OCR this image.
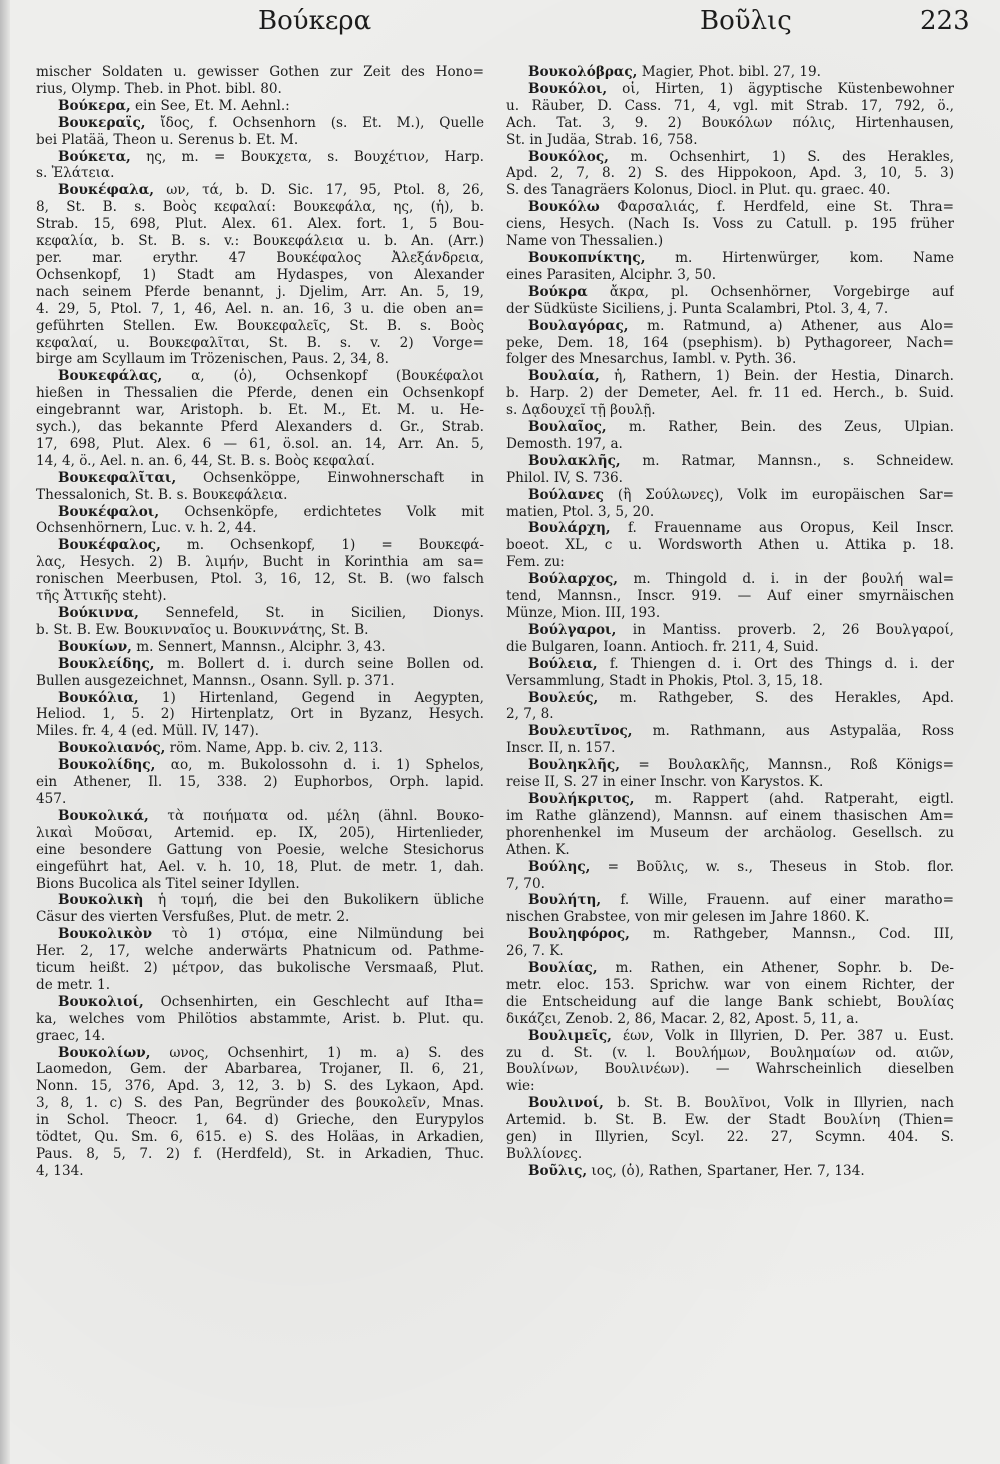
Βούκερα	Βοῦλις	223
mischer Soldaten u. gewisser Gothen zur Zeit des Hono=
rius, Olymp. Theb. in Phot. bibl. 80.
Βούκερα, ein See, Et. M. Aehnl.:
Βουκεραΐς, ἴδος, f. Ochsenhorn (s. Et. M.), Quelle
bei Platää, Theon u. Serenus b. Et. M.
Βούκετα, ης, m. = Βουκχετα, s. Βουχέτιον, Harp.
s. Ἐλάτεια.
Βουκέφαλα, ων, τά, b. D. Sic. 17, 95, Ptol. 8, 26,
8, St. B. s. Βοὸς κεφαλαί: Βουκεφάλα, ης, (ἡ), b.
Strab. 15, 698, Plut. Alex. 61. Alex. fort. 1, 5 Bou-
κεφαλία, b. St. B. s. v.: Βουκεφάλεια u. b. An. (Arr.)
per. mar. erythr. 47 Βουκέφαλος Ἀλεξάνδρεια,
Ochsenkopf, 1) Stadt am Hydaspes, von Alexander
nach seinem Pferde benannt, j. Djelim, Arr. An. 5, 19,
4. 29, 5, Ptol. 7, 1, 46, Ael. n. an. 16, 3 u. die oben an=
geführten Stellen. Ew. Βουκεφαλεῖς, St. B. s. Βοὸς
κεφαλαί, u. Βουκεφαλῖται, St. B. s. v. 2) Vorge=
birge am Scyllaum im Trözenischen, Paus. 2, 34, 8.
Βουκεφάλας, α, (ὁ), Ochsenkopf (Βουκέφαλοι
hießen in Thessalien die Pferde, denen ein Ochsenkopf
eingebrannt war, Aristoph. b. Et. M., Et. M. u. He-
sych.), das bekannte Pferd Alexanders d. Gr., Strab.
17, 698, Plut. Alex. 6 — 61, ö.sol. an. 14, Arr. An. 5,
14, 4, ö., Ael. n. an. 6, 44, St. B. s. Βοὸς κεφαλαί.
Βουκεφαλῖται, Ochsenköppe, Einwohnerschaft in
Thessalonich, St. B. s. Βουκεφάλεια.
Βουκέφαλοι, Ochsenköpfe, erdichtetes Volk mit
Ochsenhörnern, Luc. v. h. 2, 44.
Βουκέφαλος, m. Ochsenkopf, 1) = Βουκεφά-
λας, Hesych. 2) Β. λιμήν, Bucht in Korinthia am sa=
ronischen Meerbusen, Ptol. 3, 16, 12, St. B. (wo falsch
τῆς Ἀττικῆς steht).
Βούκιννα, Sennefeld, St. in Sicilien, Dionys.
b. St. B. Ew. Βουκινναῖος u. Βουκιννάτης, St. B.
Βουκίων, m. Sennert, Mannsn., Alciphr. 3, 43.
Βουκλείδης, m. Bollert d. i. durch seine Bollen od.
Bullen ausgezeichnet, Mannsn., Osann. Syll. p. 371.
Βουκόλια, 1) Hirtenland, Gegend in Aegypten,
Heliod. 1, 5. 2) Hirtenplatz, Ort in Byzanz, Hesych.
Miles. fr. 4, 4 (ed. Müll. IV, 147).
Βουκολιανός, röm. Name, App. b. civ. 2, 113.
Βουκολίδης, αο, m. Bukolossohn d. i. 1) Sphelos,
ein Athener, Il. 15, 338. 2) Euphorbos, Orph. lapid.
457.
Βουκολικά, τὰ ποιήματα od. μέλη (ähnl. Βουκο-
λικαὶ Μοῦσαι, Artemid. ep. IX, 205), Hirtenlieder,
eine besondere Gattung von Poesie, welche Stesichorus
eingeführt hat, Ael. v. h. 10, 18, Plut. de metr. 1, dah.
Bions Bucolica als Titel seiner Idyllen.
Βουκολικὴ ἡ τομή, die bei den Bukolikern übliche
Cäsur des vierten Versfußes, Plut. de metr. 2.
Βουκολικὸν τὸ 1) στόμα, eine Nilmündung bei
Her. 2, 17, welche anderwärts Phatnicum od. Pathme-
ticum heißt. 2) μέτρον, das bukolische Versmaaß, Plut.
de metr. 1.
Βουκολιοί, Ochsenhirten, ein Geschlecht auf Itha=
ka, welches vom Philötios abstammte, Arist. b. Plut. qu.
graec, 14.
Βουκολίων, ωνος, Ochsenhirt, 1) m. a) S. des
Laomedon, Gem. der Abarbarea, Trojaner, Il. 6, 21,
Nonn. 15, 376, Apd. 3, 12, 3. b) S. des Lykaon, Apd.
3, 8, 1. c) S. des Pan, Begründer des βουκολεῖν, Mnas.
in Schol. Theocr. 1, 64. d) Grieche, den Eurypylos
tödtet, Qu. Sm. 6, 615. e) S. des Holäas, in Arkadien,
Paus. 8, 5, 7. 2) f. (Herdfeld), St. in Arkadien, Thuc.
4, 134.
Βουκολόβρας, Magier, Phot. bibl. 27, 19.
Βουκόλοι, οἱ, Hirten, 1) ägyptische Küstenbewohner
u. Räuber, D. Cass. 71, 4, vgl. mit Strab. 17, 792, ö.,
Ach. Tat. 3, 9. 2) Βουκόλων πόλις, Hirtenhausen,
St. in Judäa, Strab. 16, 758.
Βουκόλος, m. Ochsenhirt, 1) S. des Herakles,
Apd. 2, 7, 8. 2) S. des Hippokoon, Apd. 3, 10, 5. 3)
S. des Tanagräers Kolonus, Diocl. in Plut. qu. graec. 40.
Βουκόλω Φαρσαλιάς, f. Herdfeld, eine St. Thra=
ciens, Hesych. (Nach Is. Voss zu Catull. p. 195 früher
Name von Thessalien.)
Βουκοπνίκτης, m. Hirtenwürger, kom. Name
eines Parasiten, Alciphr. 3, 50.
Βούκρα ἄκρα, pl. Ochsenhörner, Vorgebirge auf
der Südküste Siciliens, j. Punta Scalambri, Ptol. 3, 4, 7.
Βουλαγόρας, m. Ratmund, a) Athener, aus Alo=
peke, Dem. 18, 164 (psephism). b) Pythagoreer, Nach=
folger des Mnesarchus, Iambl. v. Pyth. 36.
Βουλαία, ἡ, Rathern, 1) Bein. der Hestia, Dinarch.
b. Harp. 2) der Demeter, Ael. fr. 11 ed. Herch., b. Suid.
s. Δᾳδουχεῖ τῇ βουλῇ.
Βουλαῖος, m. Rather, Bein. des Zeus, Ulpian.
Demosth. 197, a.
Βουλακλῆς, m. Ratmar, Mannsn., s. Schneidew.
Philol. IV, S. 736.
Βούλανες (ἢ Σούλωνες), Volk im europäischen Sar=
matien, Ptol. 3, 5, 20.
Βουλάρχη, f. Frauenname aus Oropus, Keil Inscr.
boeot. XL, c u. Wordsworth Athen u. Attika p. 18.
Fem. zu:
Βούλαρχος, m. Thingold d. i. in der βουλή wal=
tend, Mannsn., Inscr. 919. — Auf einer smyrnäischen
Münze, Mion. III, 193.
Βούλγαροι, in Mantiss. proverb. 2, 26 Βουλγαροί,
die Bulgaren, Ioann. Antioch. fr. 211, 4, Suid.
Βούλεια, f. Thiengen d. i. Ort des Things d. i. der
Versammlung, Stadt in Phokis, Ptol. 3, 15, 18.
Βουλεύς, m. Rathgeber, S. des Herakles, Apd.
2, 7, 8.
Βουλευτῖνος, m. Rathmann, aus Astypaläa, Ross
Inscr. II, n. 157.
Βουληκλῆς, = Βουλακλῆς, Mannsn., Roß Königs=
reise II, S. 27 in einer Inschr. von Karystos. K.
Βουλήκριτος, m. Rappert (ahd. Ratperaht, eigtl.
im Rathe glänzend), Mannsn. auf einem thasischen Am=
phorenhenkel im Museum der archäolog. Gesellsch. zu
Athen. K.
Βούλης, = Βοῦλις, w. s., Theseus in Stob. flor.
7, 70.
Βουλήτη, f. Wille, Frauenn. auf einer maratho=
nischen Grabstee, von mir gelesen im Jahre 1860. K.
Βουληφόρος, m. Rathgeber, Mannsn., Cod. III,
26, 7. K.
Βουλίας, m. Rathen, ein Athener, Sophr. b. De-
metr. eloc. 153. Sprichw. war von einem Richter, der
die Entscheidung auf die lange Bank schiebt, Βουλίας
δικάζει, Zenob. 2, 86, Macar. 2, 82, Apost. 5, 11, a.
Βουλιμεῖς, έων, Volk in Illyrien, D. Per. 387 u. Eust.
zu d. St. (v. l. Βουλήμων, Βουλημαίων od. αιῶν,
Βουλίνων, Βουλινέων). — Wahrscheinlich dieselben
wie:
Βουλινοί, b. St. B. Βουλῖνοι, Volk in Illyrien, nach
Artemid. b. St. B. Ew. der Stadt Βουλίνη (Thien=
gen) in Illyrien, Scyl. 22. 27, Scymn. 404. S.
Βυλλίονες.
Βοῦλις, ιος, (ὁ), Rathen, Spartaner, Her. 7, 134.
